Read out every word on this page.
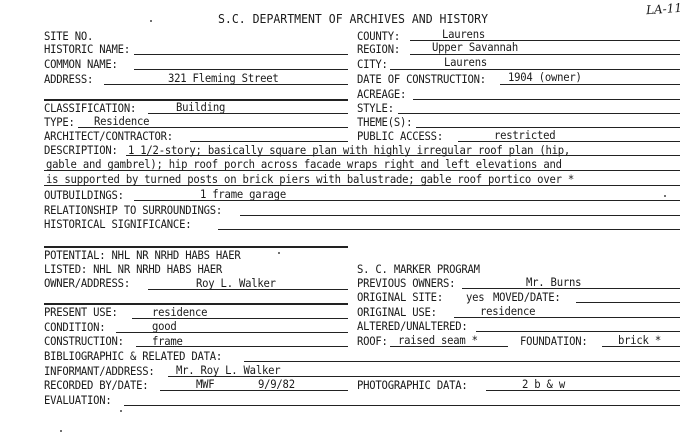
LA-11
S.C. DEPARTMENT OF ARCHIVES AND HISTORY
SITE NO.
HISTORIC NAME:
COMMON NAME:
ADDRESS:	321 Fleming Street
COUNTY:	Laurens
REGION:	Upper Savannah
CITY:	Laurens
DATE OF CONSTRUCTION: 1904 (owner)
ACREAGE:
CLASSIFICATION:	Building
TYPE: Residence
ARCHITECT/CONTRACTOR:
STYLE:
THEME(S):
PUBLIC ACCESS:	restricted
DESCRIPTION: 1 1/2-story; basically square plan with highly irregular roof plan (hip,
gable and gambrel); hip roof porch across facade wraps right and left elevations and
is supported by turned posts on brick piers with balustrade; gable roof portico over *
OUTBUILDINGS:	1 frame garage
RELATIONSHIP TO SURROUNDINGS:
HISTORICAL SIGNIFICANCE:
POTENTIAL: NHL NR NRHD HABS HAER
LISTED: NHL NR NRHD HABS HAER
OWNER/ADDRESS:	Roy L. Walker
S. C. MARKER PROGRAM
PREVIOUS OWNERS:	Mr. Burns
ORIGINAL SITE: yes MOVED/DATE:
PRESENT USE:	residence
CONDITION:	good
CONSTRUCTION: frame
ORIGINAL USE:	residence
ALTERED/UNALTERED:
ROOF: raised seam *	FOUNDATION:	brick *
BIBLIOGRAPHIC & RELATED DATA:
INFORMANT/ADDRESS: Mr. Roy L. Walker
RECORDED BY/DATE:	MWF	9/9/82	PHOTOGRAPHIC DATA:	2 b & w
EVALUATION:
